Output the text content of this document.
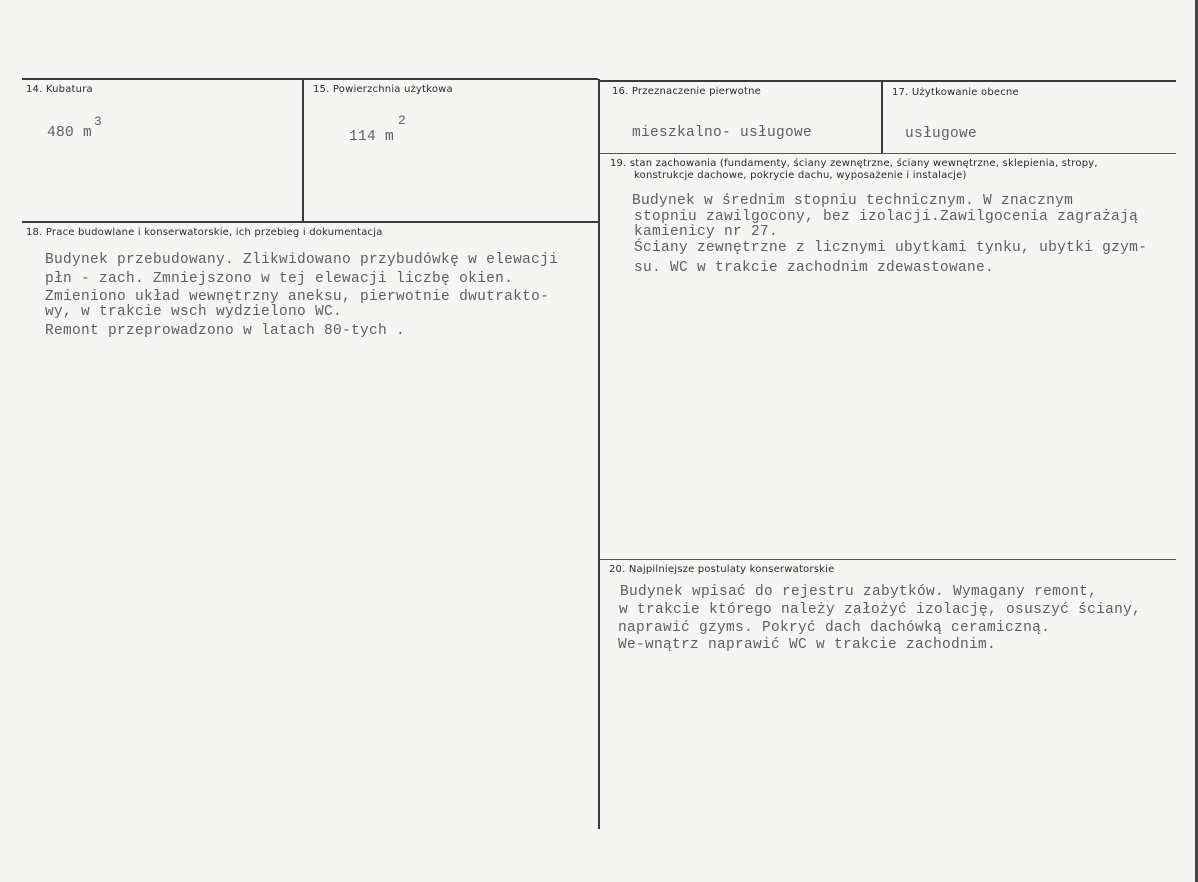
14. Kubatura
480 m
3
15. Powierzchnia użytkowa
114 m
2
16. Przeznaczenie pierwotne
mieszkalno- usługowe
17. Użytkowanie obecne
usługowe
19. stan zachowania (fundamenty, ściany zewnętrzne, ściany wewnętrzne, sklepienia, stropy,
konstrukcje dachowe, pokrycie dachu, wyposażenie i instalacje)
Budynek w średnim stopniu technicznym. W znacznym
stopniu zawilgocony, bez izolacji.Zawilgocenia zagrażają
kamienicy nr 27.
Ściany zewnętrzne z licznymi ubytkami tynku, ubytki gzym-
su. WC w trakcie zachodnim zdewastowane.
18. Prace budowlane i konserwatorskie, ich przebieg i dokumentacja
Budynek przebudowany. Zlikwidowano przybudówkę w elewacji
płn - zach. Zmniejszono w tej elewacji liczbę okien.
Zmieniono układ wewnętrzny aneksu, pierwotnie dwutrakto-
wy, w trakcie wsch wydzielono WC.
Remont przeprowadzono w latach 80-tych .
20. Najpilniejsze postulaty konserwatorskie
Budynek wpisać do rejestru zabytków. Wymagany remont,
w trakcie którego należy założyć izolację, osuszyć ściany,
naprawić gzyms. Pokryć dach dachówką ceramiczną.
We-wnątrz naprawić WC w trakcie zachodnim.
